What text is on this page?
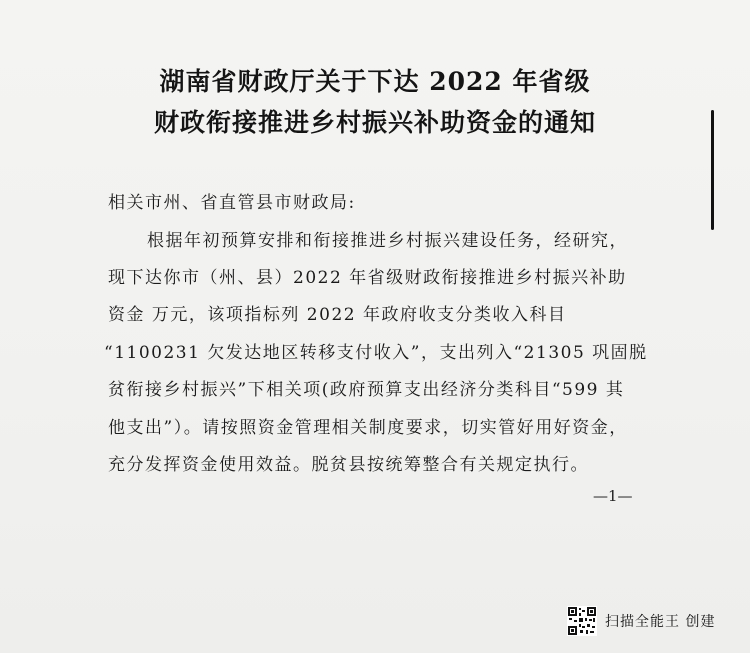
湖南省财政厅关于下达 2022 年省级
财政衔接推进乡村振兴补助资金的通知
相关市州、省直管县市财政局:
根据年初预算安排和衔接推进乡村振兴建设任务，经研究，
现下达你市（州、县）2022 年省级财政衔接推进乡村振兴补助
资金 万元，该项指标列 2022 年政府收支分类收入科目
“1100231 欠发达地区转移支付收入”，支出列入“21305 巩固脱
贫衔接乡村振兴”下相关项(政府预算支出经济分类科目“599 其
他支出”）。请按照资金管理相关制度要求，切实管好用好资金，
充分发挥资金使用效益。脱贫县按统筹整合有关规定执行。
—1—
扫描全能王 创建
